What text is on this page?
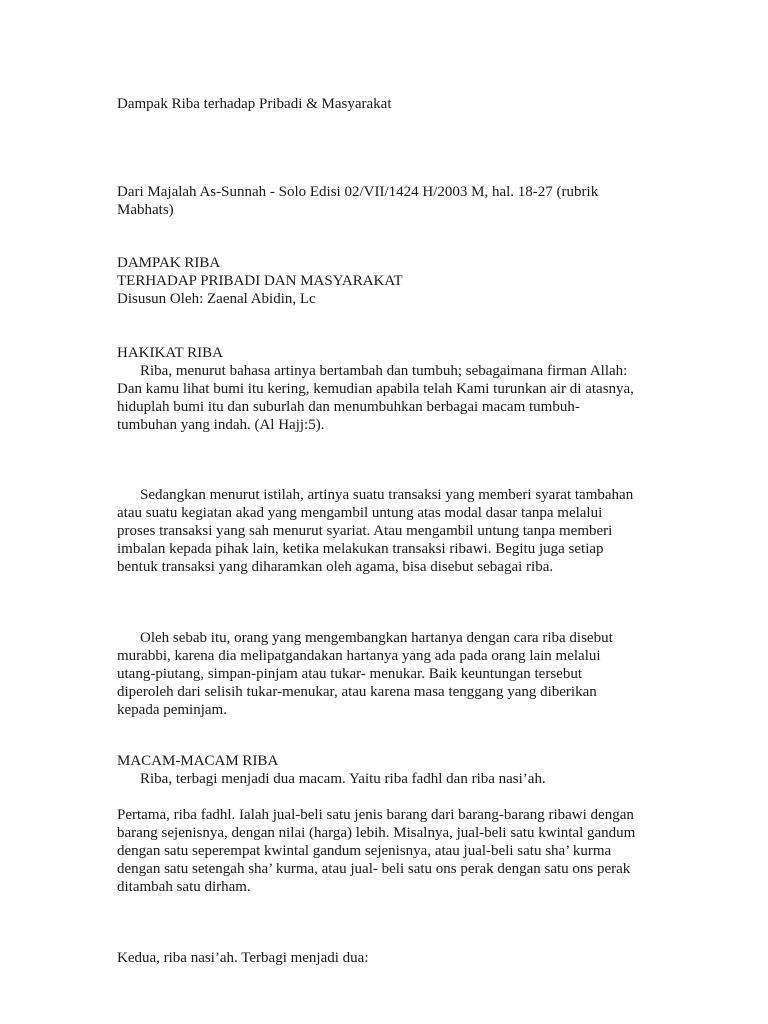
Dampak Riba terhadap Pribadi & Masyarakat

Dari Majalah As-Sunnah - Solo Edisi 02/VII/1424 H/2003 M, hal. 18-27 (rubrik
Mabhats)
DAMPAK RIBA
TERHADAP PRIBADI DAN MASYARAKAT
Disusun Oleh: Zaenal Abidin, Lc
HAKIKAT RIBA
Riba, menurut bahasa artinya bertambah dan tumbuh; sebagaimana firman Allah:
Dan kamu lihat bumi itu kering, kemudian apabila telah Kami turunkan air di atasnya,
hiduplah bumi itu dan suburlah dan menumbuhkan berbagai macam tumbuh-
tumbuhan yang indah. (Al Hajj:5).
Sedangkan menurut istilah, artinya suatu transaksi yang memberi syarat tambahan
atau suatu kegiatan akad yang mengambil untung atas modal dasar tanpa melalui
proses transaksi yang sah menurut syariat. Atau mengambil untung tanpa memberi
imbalan kepada pihak lain, ketika melakukan transaksi ribawi. Begitu juga setiap
bentuk transaksi yang diharamkan oleh agama, bisa disebut sebagai riba.
Oleh sebab itu, orang yang mengembangkan hartanya dengan cara riba disebut
murabbi, karena dia melipatgandakan hartanya yang ada pada orang lain melalui
utang-piutang, simpan-pinjam atau tukar- menukar. Baik keuntungan tersebut
diperoleh dari selisih tukar-menukar, atau karena masa tenggang yang diberikan
kepada peminjam.
MACAM-MACAM RIBA
Riba, terbagi menjadi dua macam. Yaitu riba fadhl dan riba nasi’ah.
Pertama, riba fadhl. Ialah jual-beli satu jenis barang dari barang-barang ribawi dengan
barang sejenisnya, dengan nilai (harga) lebih. Misalnya, jual-beli satu kwintal gandum
dengan satu seperempat kwintal gandum sejenisnya, atau jual-beli satu sha’ kurma
dengan satu setengah sha’ kurma, atau jual- beli satu ons perak dengan satu ons perak
ditambah satu dirham.

Kedua, riba nasi’ah. Terbagi menjadi dua:
